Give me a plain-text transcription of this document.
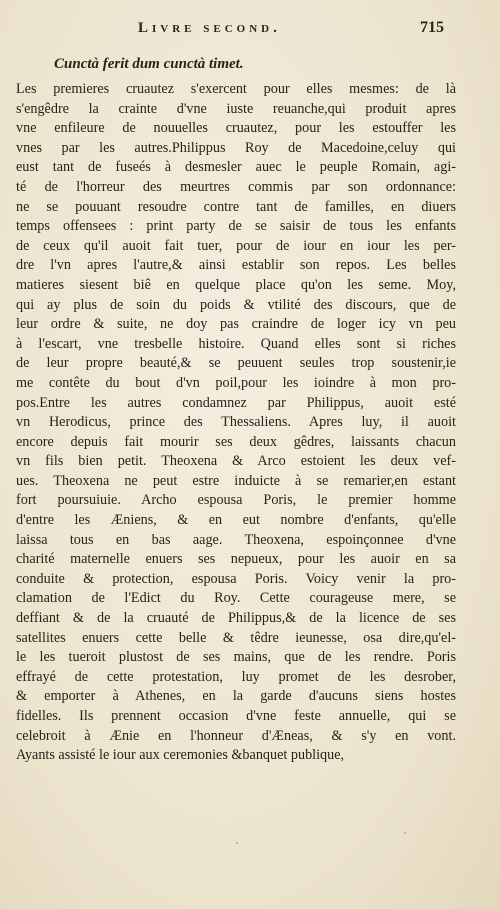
Livre second.	715
Cunctà ferit dum cunctà timet.
Les premieres cruautez s'exercent pour elles mesmes: de là
s'engêdre la crainte d'vne iuste reuanche,qui produit apres
vne enfileure de nouuelles cruautez, pour les estouffer les
vnes par les autres.Philippus Roy de Macedoine,celuy qui
eust tant de fuseés à desmesler auec le peuple Romain, agi-
té de l'horreur des meurtres commis par son ordonnance:
ne se pouuant resoudre contre tant de familles, en diuers
temps offensees : print party de se saisir de tous les enfants
de ceux qu'il auoit fait tuer, pour de iour en iour les per-
dre l'vn apres l'autre,& ainsi establir son repos. Les belles
matieres siesent biê en quelque place qu'on les seme. Moy,
qui ay plus de soin du poids & vtilité des discours, que de
leur ordre & suite, ne doy pas craindre de loger icy vn peu
à l'escart, vne tresbelle histoire. Quand elles sont si riches
de leur propre beauté,& se peuuent seules trop soustenir,ie
me contête du bout d'vn poil,pour les ioindre à mon pro-
pos.Entre les autres condamnez par Philippus, auoit esté
vn Herodicus, prince des Thessaliens. Apres luy, il auoit
encore depuis fait mourir ses deux gêdres, laissants chacun
vn fils bien petit. Theoxena & Arco estoient les deux vef-
ues. Theoxena ne peut estre induicte à se remarier,en estant
fort poursuiuie. Archo espousa Poris, le premier homme
d'entre les Æniens, & en eut nombre d'enfants, qu'elle
laissa tous en bas aage. Theoxena, espoinçonnee d'vne
charité maternelle enuers ses nepueux, pour les auoir en sa
conduite & protection, espousa Poris. Voicy venir la pro-
clamation de l'Edict du Roy. Cette courageuse mere, se
deffiant & de la cruauté de Philippus,& de la licence de ses
satellites enuers cette belle & têdre ieunesse, osa dire,qu'el-
le les tueroit plustost de ses mains, que de les rendre. Poris
effrayé de cette protestation, luy promet de les desrober,
& emporter à Athenes, en la garde d'aucuns siens hostes
fidelles. Ils prennent occasion d'vne feste annuelle, qui se
celebroit à Ænie en l'honneur d'Æneas, & s'y en vont.
Ayants assisté le iour aux ceremonies &banquet publique,
